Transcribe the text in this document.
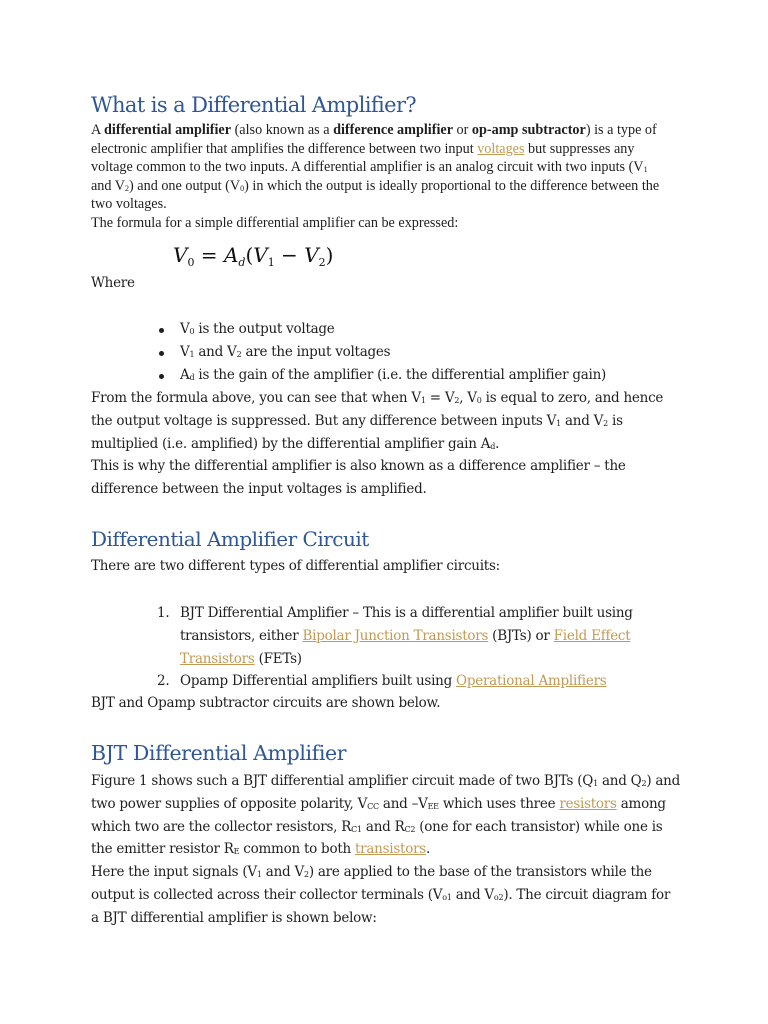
What is a Differential Amplifier?

A differential amplifier (also known as a difference amplifier or op-amp subtractor) is a type of electronic amplifier that amplifies the difference between two input voltages but suppresses any voltage common to the two inputs. A differential amplifier is an analog circuit with two inputs ($V_1$ and $V_2$) and one output $(V_0)$ in which the output is ideally proportional to the difference between the two voltages.
The formula for a simple differential amplifier can be expressed:

$V_0 = A_d(V_1 - V_2)$

Where

$V_0$ is the output voltage
$V_1$ and $V_2$ are the input voltages
$A_d$ is the gain of the amplifier (i.e. the differential amplifier gain)

From the formula above, you can see that when $V_1 = V_2$, $V_0$ is equal to zero, and hence the output voltage is suppressed. But any difference between inputs $V_1$ and $V_2$ is multiplied (i.e. amplified) by the differential amplifier gain $A_d$.
This is why the differential amplifier is also known as a difference amplifier – the difference between the input voltages is amplified.

Differential Amplifier Circuit

There are two different types of differential amplifier circuits:

1. BJT Differential Amplifier – This is a differential amplifier built using transistors, either Bipolar Junction Transistors (BJTs) or Field Effect Transistors (FETs)
2. Opamp Differential amplifiers built using Operational Amplifiers

BJT and Opamp subtractor circuits are shown below.

BJT Differential Amplifier

Figure 1 shows such a BJT differential amplifier circuit made of two BJTs ($Q_1$ and $Q_2$) and two power supplies of opposite polarity, $V_{CC}$ and $-V_{EE}$ which uses three resistors among which two are the collector resistors, $R_{C1}$ and $R_{C2}$ (one for each transistor) while one is the emitter resistor $R_E$ common to both transistors.
Here the input signals ($V_1$ and $V_2$) are applied to the base of the transistors while the output is collected across their collector terminals ($V_{o1}$ and $V_{o2}$). The circuit diagram for a BJT differential amplifier is shown below:
